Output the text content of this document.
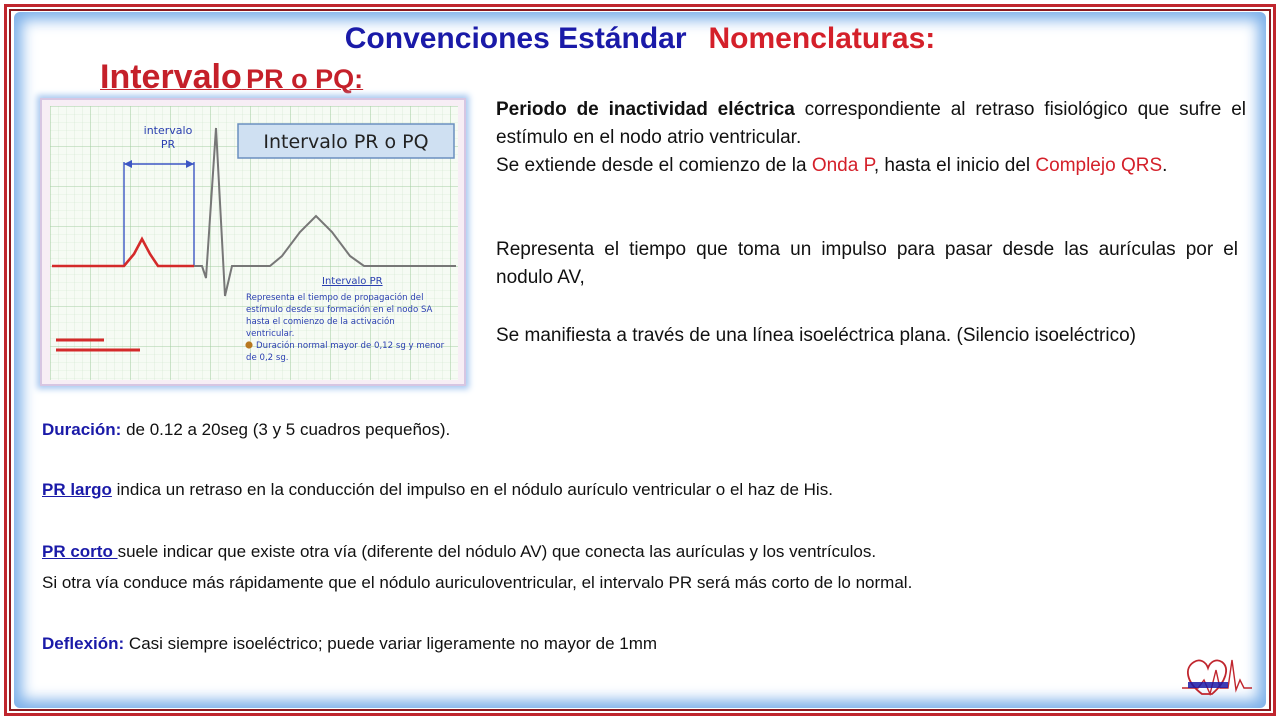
Convenciones Estándar Nomenclaturas:
Intervalo PR o PQ:
Intervalo PR o PQ
intervalo
PR
Intervalo PR
Representa el tiempo de propagación del
estímulo desde su formación en el nodo SA
hasta el comienzo de la activación
ventricular.
Duración normal mayor de 0,12 sg y menor
de 0,2 sg.
Periodo de inactividad eléctrica correspondiente al retraso fisiológico que sufre el estímulo en el nodo atrio ventricular.
Se extiende desde el comienzo de la Onda P, hasta el inicio del Complejo QRS.
Representa el tiempo que toma un impulso para pasar desde las aurículas por el nodulo AV,
Se manifiesta a través de una línea isoeléctrica plana. (Silencio isoeléctrico)
Duración: de 0.12 a 20seg (3 y 5 cuadros pequeños).
PR largo indica un retraso en la conducción del impulso en el nódulo aurículo ventricular o el haz de His.
PR corto suele indicar que existe otra vía (diferente del nódulo AV) que conecta las aurículas y los ventrículos.
Si otra vía conduce más rápidamente que el nódulo auriculoventricular, el intervalo PR será más corto de lo normal.
Deflexión: Casi siempre isoeléctrico; puede variar ligeramente no mayor de 1mm
